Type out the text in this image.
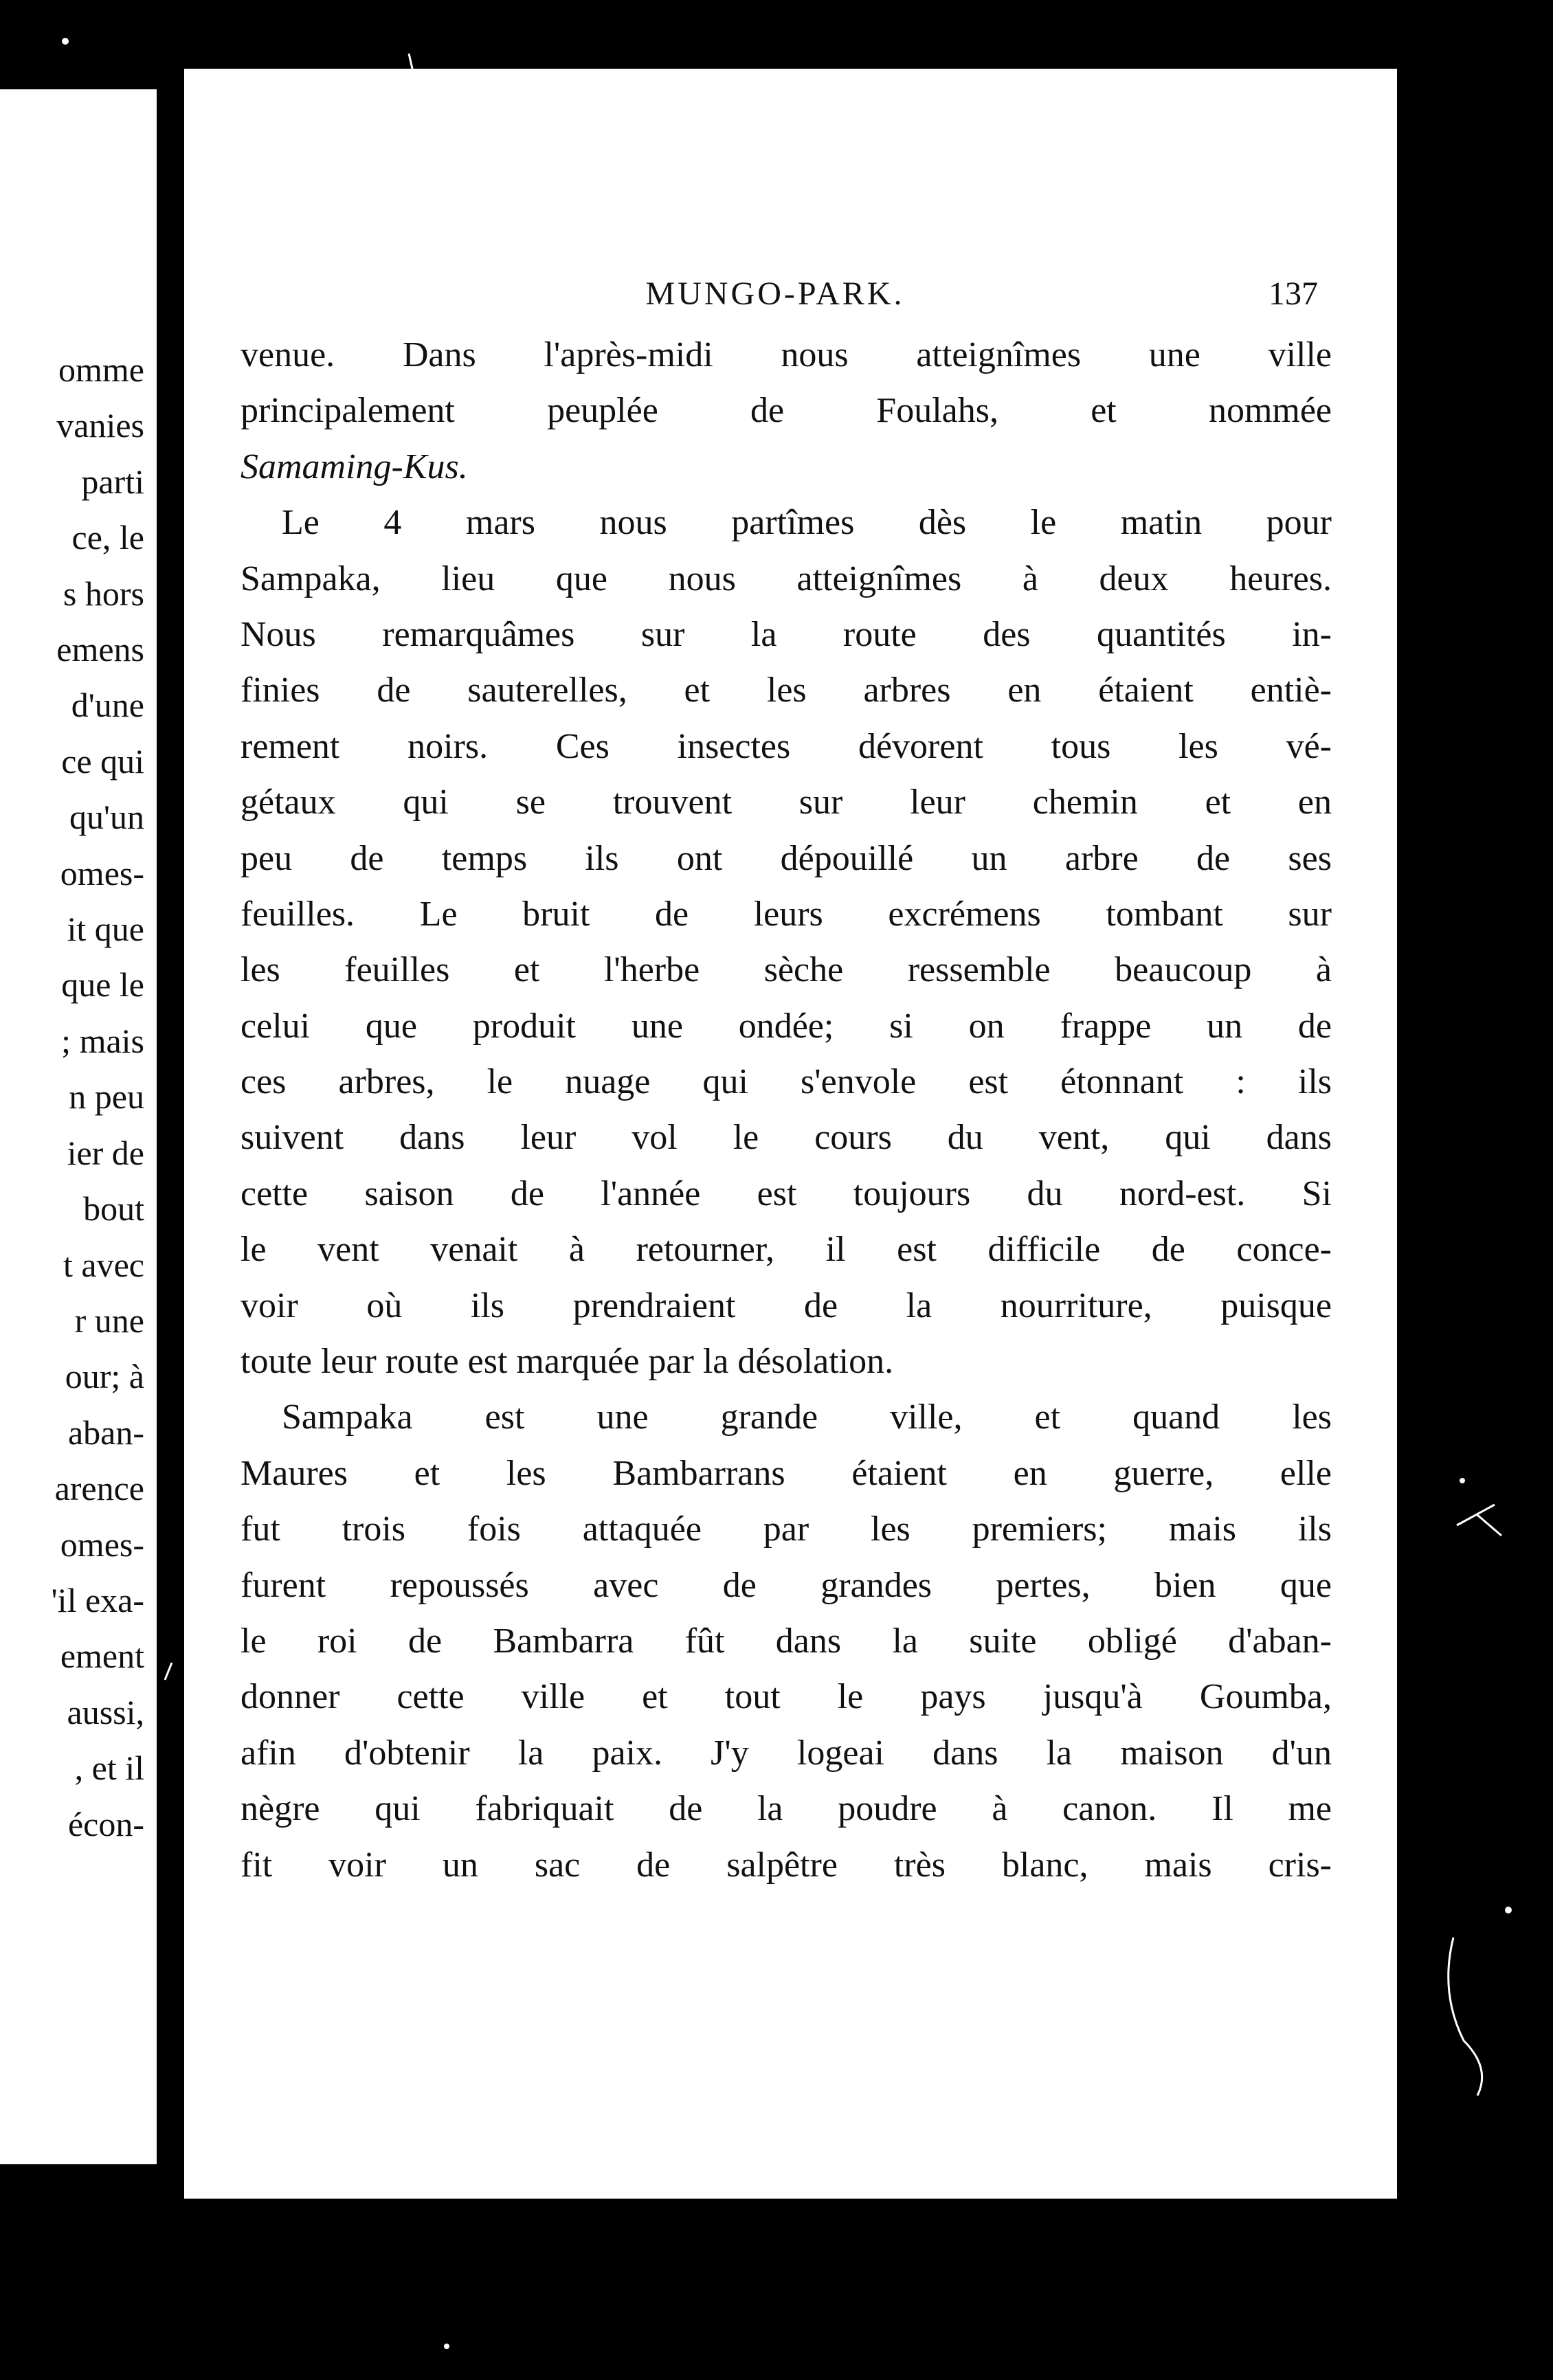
omme
vanies
parti
ce, le
s hors
emens
d'une
ce qui
qu'un
omes-
it que
que le
; mais
n peu
ier de
bout
t avec
r une
our; à
aban-
arence
omes-
'il exa-
ement
aussi,
, et il
écon-
MUNGO-PARK.	137
venue. Dans l'après-midi nous atteignîmes une ville
principalement peuplée de Foulahs, et nommée
Samaming-Kus.
Le 4 mars nous partîmes dès le matin pour
Sampaka, lieu que nous atteignîmes à deux heures.
Nous remarquâmes sur la route des quantités in-
finies de sauterelles, et les arbres en étaient entiè-
rement noirs. Ces insectes dévorent tous les vé-
gétaux qui se trouvent sur leur chemin et en
peu de temps ils ont dépouillé un arbre de ses
feuilles. Le bruit de leurs excrémens tombant sur
les feuilles et l'herbe sèche ressemble beaucoup à
celui que produit une ondée; si on frappe un de
ces arbres, le nuage qui s'envole est étonnant : ils
suivent dans leur vol le cours du vent, qui dans
cette saison de l'année est toujours du nord-est. Si
le vent venait à retourner, il est difficile de conce-
voir où ils prendraient de la nourriture, puisque
toute leur route est marquée par la désolation.
Sampaka est une grande ville, et quand les
Maures et les Bambarrans étaient en guerre, elle
fut trois fois attaquée par les premiers; mais ils
furent repoussés avec de grandes pertes, bien que
le roi de Bambarra fût dans la suite obligé d'aban-
donner cette ville et tout le pays jusqu'à Goumba,
afin d'obtenir la paix. J'y logeai dans la maison d'un
nègre qui fabriquait de la poudre à canon. Il me
fit voir un sac de salpêtre très blanc, mais cris-
